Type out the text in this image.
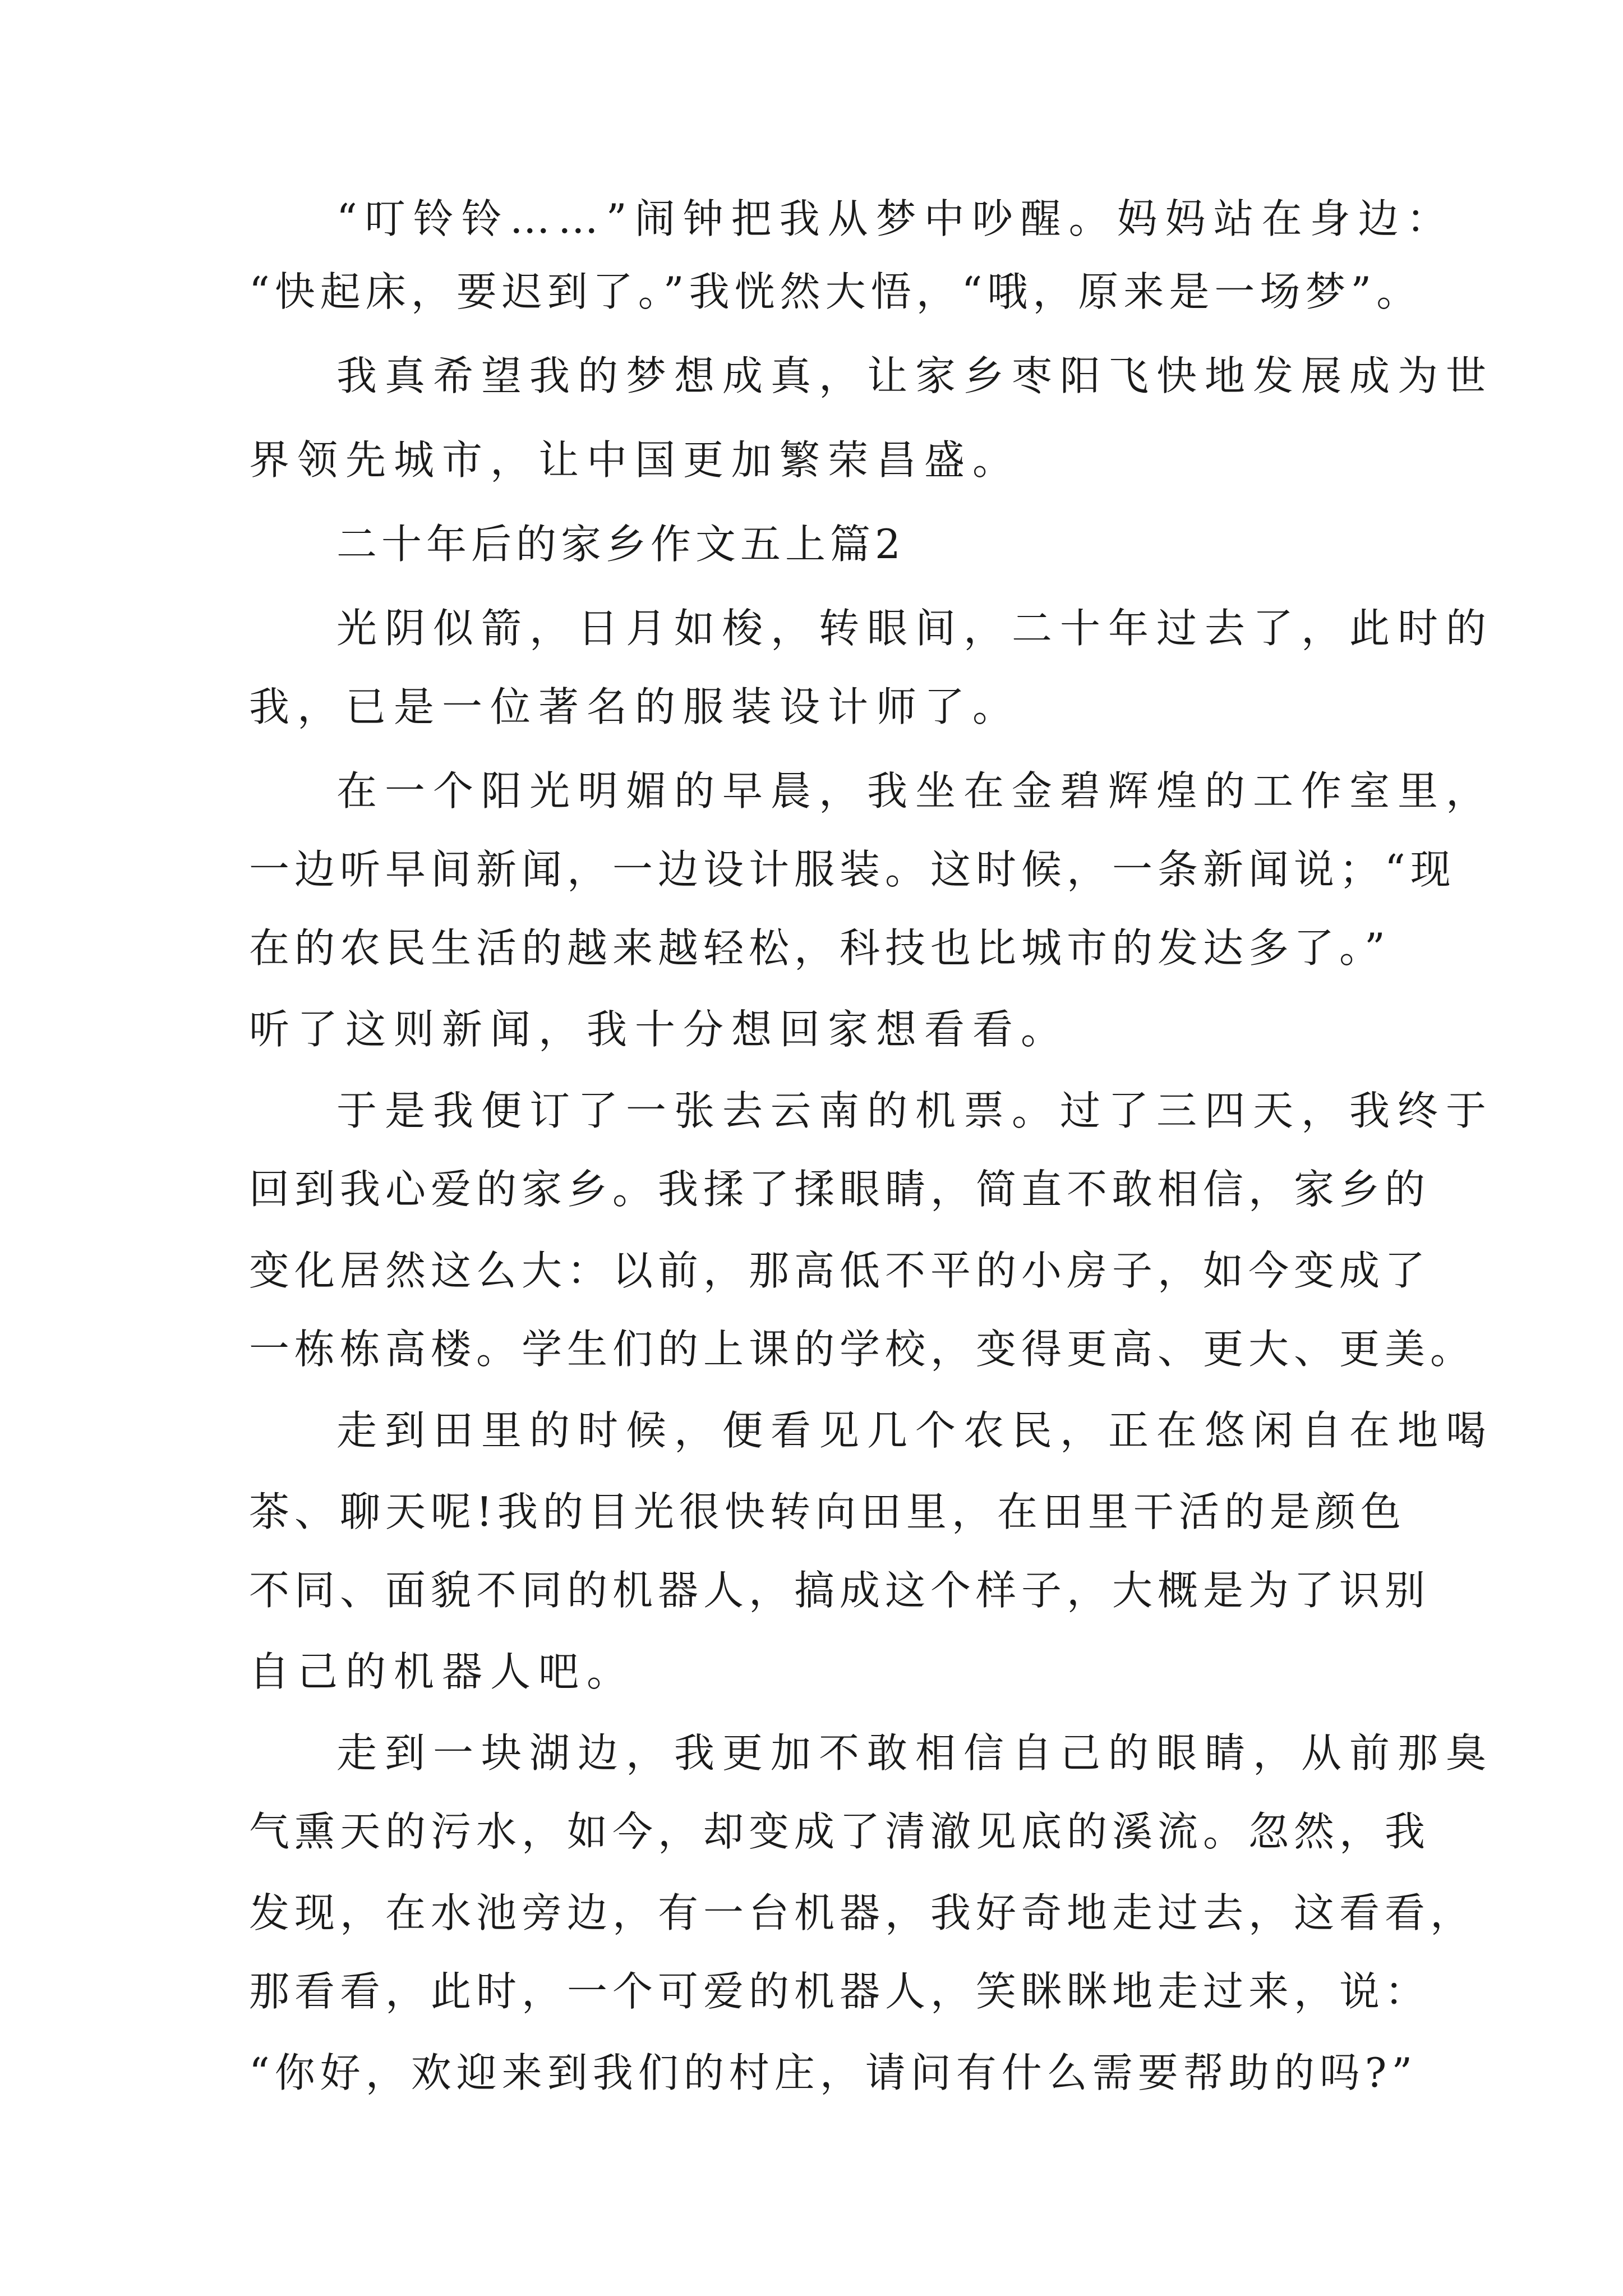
“叮铃铃……”闹钟把我从梦中吵醒。妈妈站在身边：
“快起床，要迟到了。”我恍然大悟，“哦，原来是一场梦”。
我真希望我的梦想成真，让家乡枣阳飞快地发展成为世
界领先城市，让中国更加繁荣昌盛。
二十年后的家乡作文五上篇2
光阴似箭，日月如梭，转眼间，二十年过去了，此时的
我，已是一位著名的服装设计师了。
在一个阳光明媚的早晨，我坐在金碧辉煌的工作室里，
一边听早间新闻，一边设计服装。这时候，一条新闻说；“现
在的农民生活的越来越轻松，科技也比城市的发达多了。”
听了这则新闻，我十分想回家想看看。
于是我便订了一张去云南的机票。过了三四天，我终于
回到我心爱的家乡。我揉了揉眼睛，简直不敢相信，家乡的
变化居然这么大：以前，那高低不平的小房子，如今变成了
一栋栋高楼。学生们的上课的学校，变得更高、更大、更美。
走到田里的时候，便看见几个农民，正在悠闲自在地喝
茶、聊天呢!我的目光很快转向田里，在田里干活的是颜色
不同、面貌不同的机器人，搞成这个样子，大概是为了识别
自己的机器人吧。
走到一块湖边，我更加不敢相信自己的眼睛，从前那臭
气熏天的污水，如今，却变成了清澈见底的溪流。忽然，我
发现，在水池旁边，有一台机器，我好奇地走过去，这看看，
那看看，此时，一个可爱的机器人，笑眯眯地走过来，说：
“你好，欢迎来到我们的村庄，请问有什么需要帮助的吗?”
